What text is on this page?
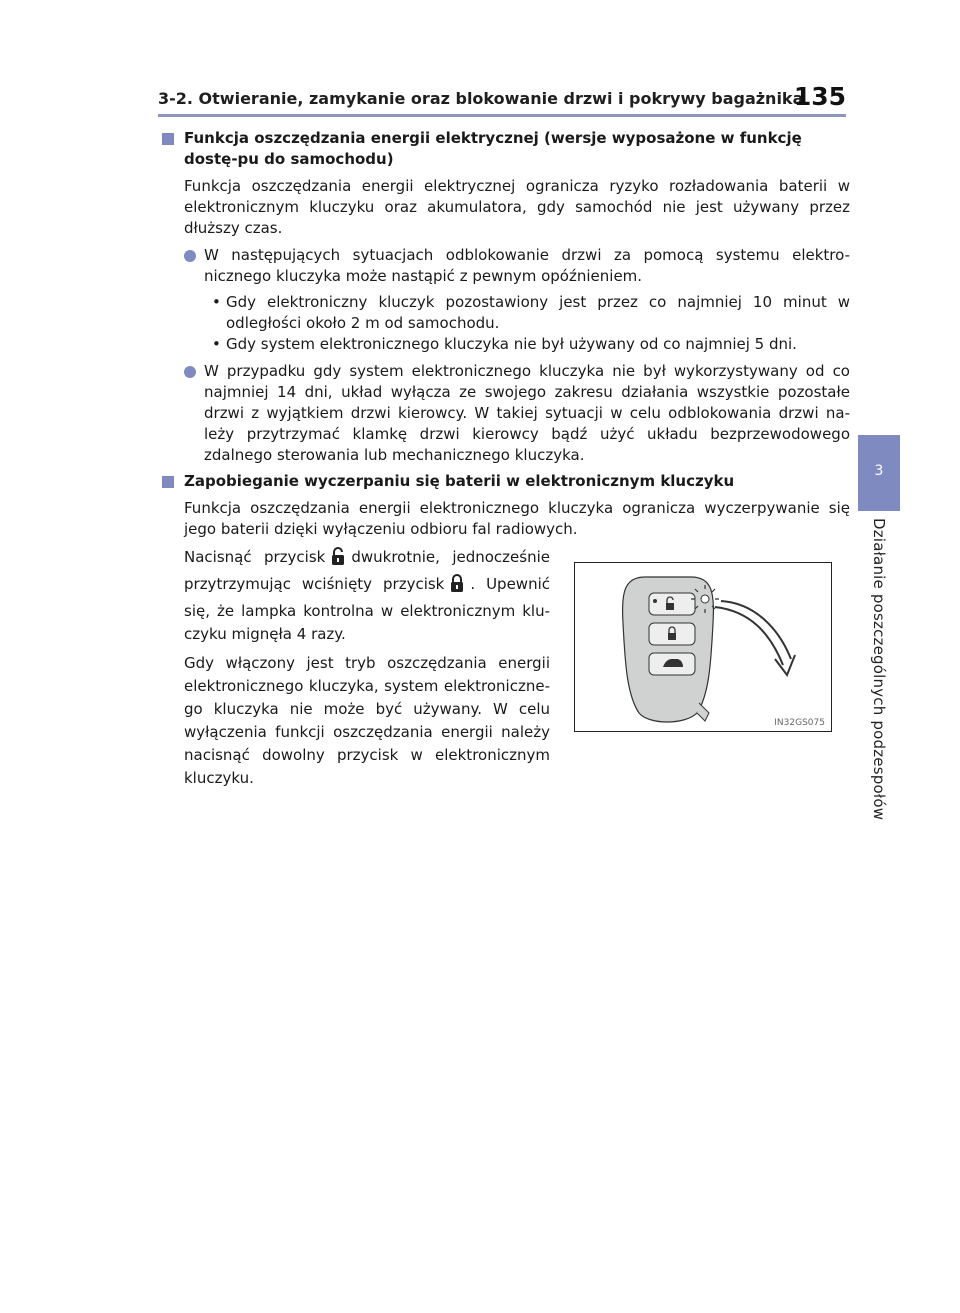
3-2. Otwieranie, zamykanie oraz blokowanie drzwi i pokrywy bagażnika
135
3
Działanie poszczególnych podzespołów
Funkcja oszczędzania energii elektrycznej (wersje wyposażone w funkcję dostę-pu do samochodu)
Funkcja oszczędzania energii elektrycznej ogranicza ryzyko rozładowania baterii w elektronicznym kluczyku oraz akumulatora, gdy samochód nie jest używany przez dłuższy czas.
W następujących sytuacjach odblokowanie drzwi za pomocą systemu elektro-nicznego kluczyka może nastąpić z pewnym opóźnieniem.
• Gdy elektroniczny kluczyk pozostawiony jest przez co najmniej 10 minut w odległości około 2 m od samochodu.
• Gdy system elektronicznego kluczyka nie był używany od co najmniej 5 dni.
W przypadku gdy system elektronicznego kluczyka nie był wykorzystywany od co najmniej 14 dni, układ wyłącza ze swojego zakresu działania wszystkie pozostałe drzwi z wyjątkiem drzwi kierowcy. W takiej sytuacji w celu odblokowania drzwi na-leży przytrzymać klamkę drzwi kierowcy bądź użyć układu bezprzewodowego zdalnego sterowania lub mechanicznego kluczyka.
Zapobieganie wyczerpaniu się baterii w elektronicznym kluczyku
Funkcja oszczędzania energii elektronicznego kluczyka ogranicza wyczerpywanie się jego baterii dzięki wyłączeniu odbioru fal radiowych.

Nacisnąć przycisk dwukrotnie, jednocześnie przytrzymując wciśnięty przycisk . Upewnić się, że lampka kontrolna w elektronicznym klu-czyku mignęła 4 razy.

Gdy włączony jest tryb oszczędzania energii elektronicznego kluczyka, system elektroniczne-go kluczyka nie może być używany. W celu wyłączenia funkcji oszczędzania energii należy nacisnąć dowolny przycisk w elektronicznym kluczyku.

IN32GS075
